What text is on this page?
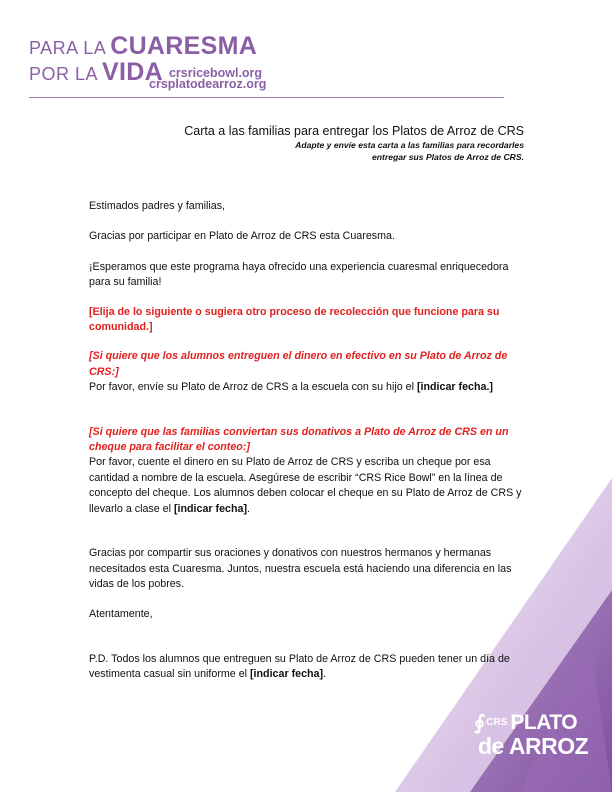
PARA LA CUARESMA
POR LA VIDA crsricebowl.org
crsplatodearroz.org
Carta a las familias para entregar los Platos de Arroz de CRS
Adapte y envíe esta carta a las familias para recordarles
entregar sus Platos de Arroz de CRS.

Estimados padres y familias,

Gracias por participar en Plato de Arroz de CRS esta Cuaresma.

¡Esperamos que este programa haya ofrecido una experiencia cuaresmal enriquecedora para su familia!

[Elija de lo siguiente o sugiera otro proceso de recolección que funcione para su comunidad.]

[Si quiere que los alumnos entreguen el dinero en efectivo en su Plato de Arroz de CRS:]

Por favor, envíe su Plato de Arroz de CRS a la escuela con su hijo el [indicar fecha.]

[Si quiere que las familias conviertan sus donativos a Plato de Arroz de CRS en un cheque para facilitar el conteo:]

Por favor, cuente el dinero en su Plato de Arroz de CRS y escriba un cheque por esa cantidad a nombre de la escuela. Asegúrese de escribir “CRS Rice Bowl” en la línea de concepto del cheque. Los alumnos deben colocar el cheque en su Plato de Arroz de CRS y llevarlo a clase el [indicar fecha].

Gracias por compartir sus oraciones y donativos con nuestros hermanos y hermanas necesitados esta Cuaresma. Juntos, nuestra escuela está haciendo una diferencia en las vidas de los pobres.

Atentamente,

P.D. Todos los alumnos que entreguen su Plato de Arroz de CRS pueden tener un día de vestimenta casual sin uniforme el [indicar fecha].

∮ CRS PLATO
de ARROZ
